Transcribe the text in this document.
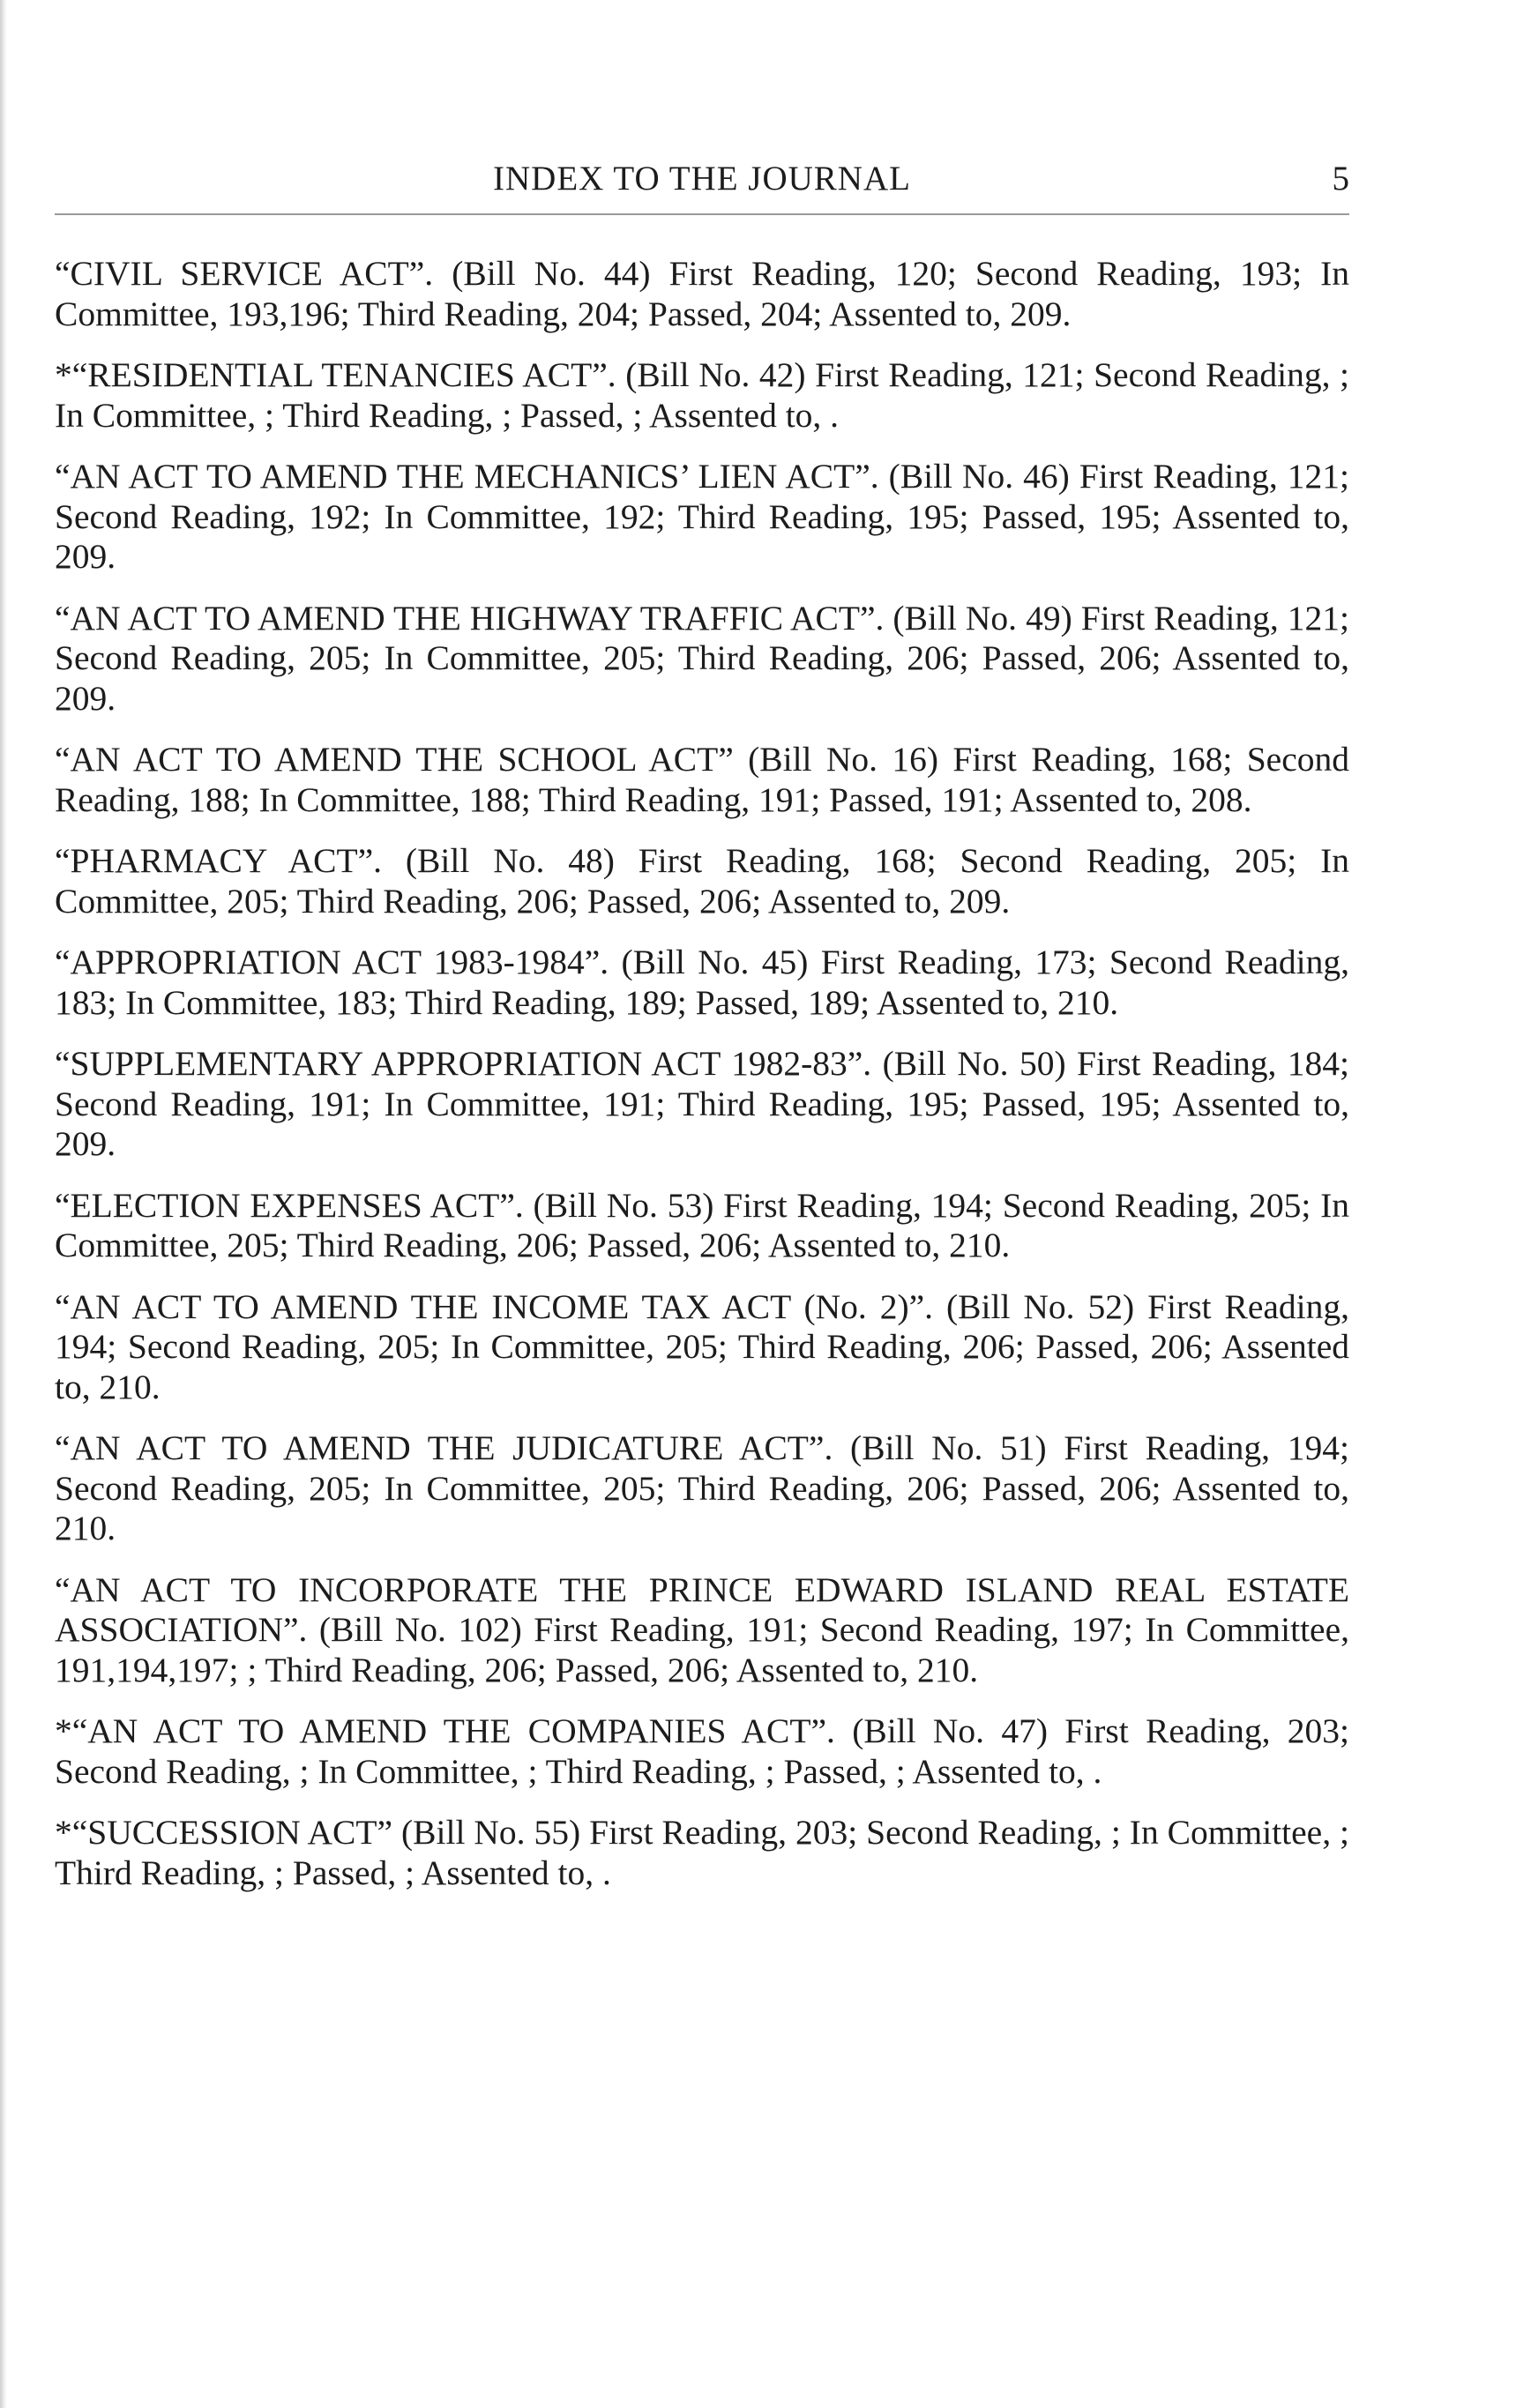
INDEX TO THE JOURNAL	5

“CIVIL SERVICE ACT”. (Bill No. 44) First Reading, 120; Second Reading, 193; In Committee, 193,196; Third Reading, 204; Passed, 204; Assented to, 209.

*“RESIDENTIAL TENANCIES ACT”. (Bill No. 42) First Reading, 121; Second Reading, ; In Committee, ; Third Reading, ; Passed, ; Assented to, .

“AN ACT TO AMEND THE MECHANICS’ LIEN ACT”. (Bill No. 46) First Reading, 121; Second Reading, 192; In Committee, 192; Third Reading, 195; Passed, 195; Assented to, 209.

“AN ACT TO AMEND THE HIGHWAY TRAFFIC ACT”. (Bill No. 49) First Reading, 121; Second Reading, 205; In Committee, 205; Third Reading, 206; Passed, 206; Assented to, 209.

“AN ACT TO AMEND THE SCHOOL ACT” (Bill No. 16) First Reading, 168; Second Reading, 188; In Committee, 188; Third Reading, 191; Passed, 191; Assented to, 208.

“PHARMACY ACT”. (Bill No. 48) First Reading, 168; Second Reading, 205; In Committee, 205; Third Reading, 206; Passed, 206; Assented to, 209.

“APPROPRIATION ACT 1983-1984”. (Bill No. 45) First Reading, 173; Second Reading, 183; In Committee, 183; Third Reading, 189; Passed, 189; Assented to, 210.

“SUPPLEMENTARY APPROPRIATION ACT 1982-83”. (Bill No. 50) First Reading, 184; Second Reading, 191; In Committee, 191; Third Reading, 195; Passed, 195; Assented to, 209.

“ELECTION EXPENSES ACT”. (Bill No. 53) First Reading, 194; Second Reading, 205; In Committee, 205; Third Reading, 206; Passed, 206; Assented to, 210.

“AN ACT TO AMEND THE INCOME TAX ACT (No. 2)”. (Bill No. 52) First Reading, 194; Second Reading, 205; In Committee, 205; Third Reading, 206; Passed, 206; Assented to, 210.

“AN ACT TO AMEND THE JUDICATURE ACT”. (Bill No. 51) First Reading, 194; Second Reading, 205; In Committee, 205; Third Reading, 206; Passed, 206; Assented to, 210.

“AN ACT TO INCORPORATE THE PRINCE EDWARD ISLAND REAL ESTATE ASSOCIATION”. (Bill No. 102) First Reading, 191; Second Reading, 197; In Committee, 191,194,197; ; Third Reading, 206; Passed, 206; Assented to, 210.

*“AN ACT TO AMEND THE COMPANIES ACT”. (Bill No. 47) First Reading, 203; Second Reading, ; In Committee, ; Third Reading, ; Passed, ; Assented to, .

*“SUCCESSION ACT” (Bill No. 55) First Reading, 203; Second Reading, ; In Committee, ; Third Reading, ; Passed, ; Assented to, .
